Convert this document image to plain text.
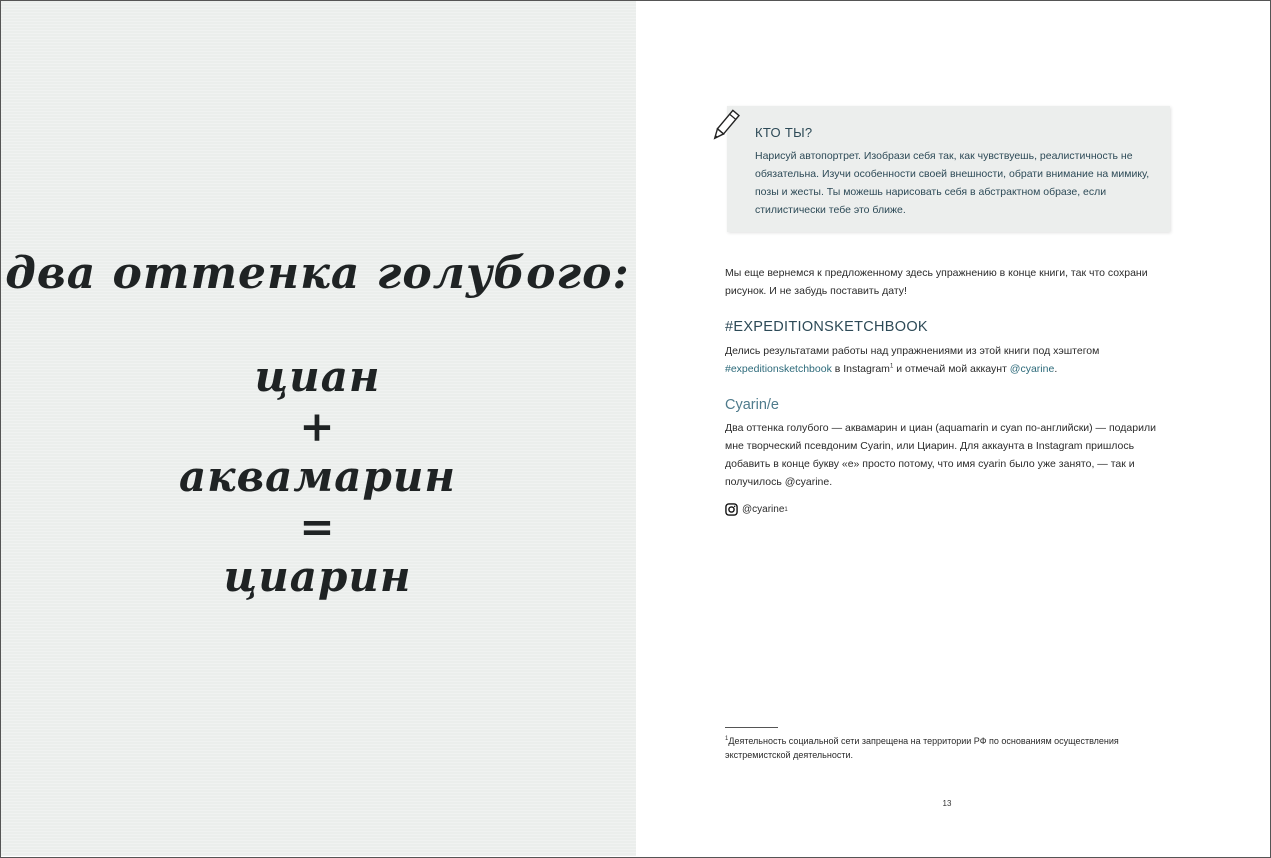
два оттенка голубого:
циан
+
аквамарин
=
циарин
КТО ТЫ?
Нарисуй автопортрет. Изобрази себя так, как чувствуешь, реалистичность не обязательна. Изучи особенности своей внешности, обрати внимание на мимику, позы и жесты. Ты можешь нарисовать себя в абстрактном образе, если стилистически тебе это ближе.
Мы еще вернемся к предложенному здесь упражнению в конце книги, так что сохрани рисунок. И не забудь поставить дату!
#EXPEDITIONSKETCHBOOK
Делись результатами работы над упражнениями из этой книги под хэштегом #expeditionsketchbook в Instagram$^1$ и отмечай мой аккаунт @cyarine.
Cyarin/e
Два оттенка голубого — аквамарин и циан (aquamarin и cyan по-английски) — подарили мне творческий псевдоним Cyarin, или Циарин. Для аккаунта в Instagram пришлось добавить в конце букву «е» просто потому, что имя cyarin было уже занято, — так и получилось @cyarine.
@cyarine 1
$^1$Деятельность социальной сети запрещена на территории РФ по основаниям осуществления экстремистской деятельности.
13
